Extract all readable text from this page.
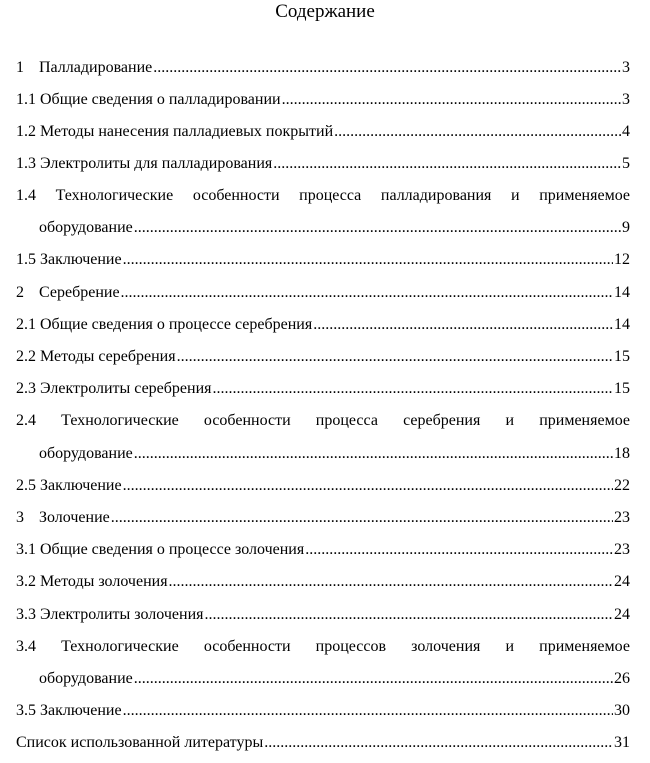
Содержание
1 Палладирование .....	3
1.1 Общие сведения о палладировании .....	3
1.2 Методы нанесения палладиевых покрытий .....	4
1.3 Электролиты для палладирования .....	5
1.4 Технологические особенности процесса палладирования и применяемое
оборудование .....	9
1.5 Заключение .....	12
2 Серебрение .....	14
2.1 Общие сведения о процессе серебрения .....	14
2.2 Методы серебрения .....	15
2.3 Электролиты серебрения .....	15
2.4 Технологические особенности процесса серебрения и применяемое
оборудование .....	18
2.5 Заключение .....	22
3 Золочение .....	23
3.1 Общие сведения о процессе золочения .....	23
3.2 Методы золочения .....	24
3.3 Электролиты золочения .....	24
3.4 Технологические особенности процессов золочения и применяемое
оборудование .....	26
3.5 Заключение .....	30
Список использованной литературы .....	31
